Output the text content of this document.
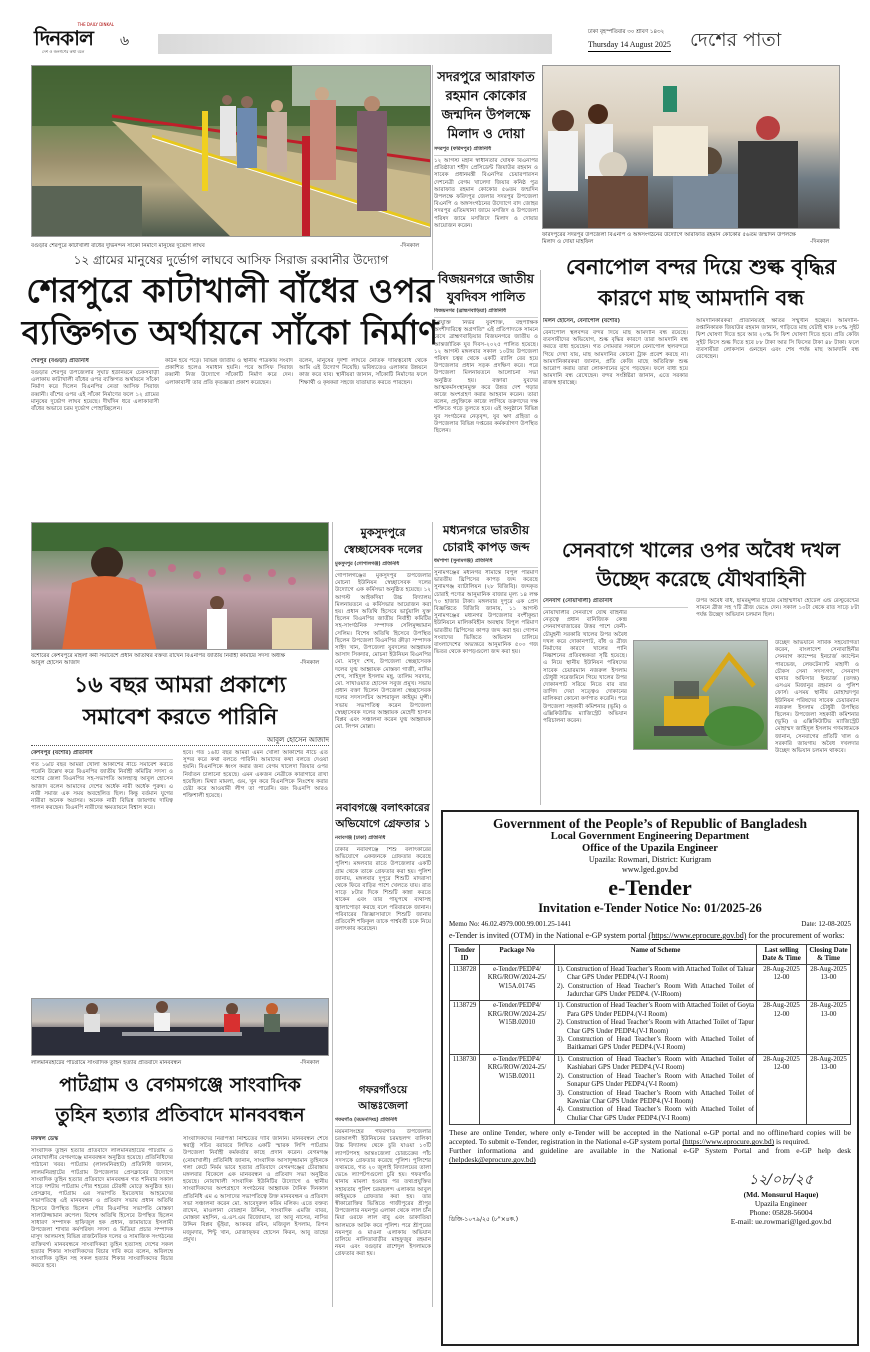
THE DAILY DINKAL
দিনকাল
দেশ ও জনগণের কথা বলে
৬
ঢাকা বৃহস্পতিবার ৩০ শ্রাবণ ১৪৩২
Thursday 14 August 2025 দেশের পাতা
বগুড়ার শেরপুরে কাটাখালী বাঁধের দুর্ভিনন্দন সাঁকো নির্মাণে মানুষের দুর্ভোগ লাঘব	-দিনকাল
১২ গ্রামের মানুষের দুর্ভোগ লাঘবে আসিফ সিরাজ রব্বানীর উদ্যোগ
শেরপুরে কাটাখালী বাঁধের ওপর
ব্যক্তিগত অর্থায়নে সাঁকো নির্মাণ
শেরপুর (বগুড়া) প্রতিনিধি
বগুড়ার শেরপুর উপজেলার সুঘাট ইউনিয়নে চেকসবাড়ী এলাকায় কাটাখালী বাঁধের ওপর ব্যক্তিগত অর্থায়নে সাঁকো নির্মাণ করে দিলেন বিএনপির নেতা আসিফ সিরাজ রব্বানী। বাঁশের ওপর এই সাঁকো নির্মাণের ফলে ১২ গ্রামের মানুষের দুর্ভোগ লাঘব হয়েছে। দীর্ঘদিন ধরে এলাকাবাসী বাঁধের অভাবে চরম দুর্ভোগ পোহাচ্ছিলেন।
কঠিন হয়ে পড়ে। বিভিন্ন জাতীয় ও স্থানীয় পত্রিকায় সংবাদ প্রকাশিত হলেও সমাধান হয়নি। পরে আসিফ সিরাজ রব্বানী নিজ উদ্যোগে সাঁকোটি নির্মাণ করে দেন। এলাকাবাসী তার প্রতি কৃতজ্ঞতা প্রকাশ করেছেন।
বলেন, মানুষের দুর্দশা লাঘবে নৈতিক দায়িত্ববোধ থেকে আমি এই উদ্যোগ নিয়েছি। ভবিষ্যতেও এলাকার উন্নয়নে কাজ করে যাব। স্থানীয়রা জানান, সাঁকোটি নির্মাণের ফলে শিক্ষার্থী ও কৃষকরা সহজে যাতায়াত করতে পারছেন।
সদরপুরে আরাফাত রহমান কোকোর জন্মদিন উপলক্ষে মিলাদ ও দোয়া
সদরপুর (ফরিদপুর) প্রতিনিধি
১২ আগস্ট মহান স্বাধীনতার ঘোষক বিএনপির প্রতিষ্ঠাতা শহীদ প্রেসিডেন্ট জিয়াউর রহমান ও সাবেক প্রধানমন্ত্রী বিএনপির চেয়ারপারসন দেশনেত্রী বেগম খালেদা জিয়ার কনিষ্ঠ পুত্র আরাফাত রহমান কোকোর ৫৬তম জন্মদিন উপলক্ষে ফরিদপুর জেলার সদরপুর উপজেলা বিএনপি ও অঙ্গসংগঠনের উদ্যোগে বাদ জোহর সদরপুর এতিমখানা জামে মসজিদ ও উপজেলা পরিষদ জামে মসজিদে মিলাদ ও দোয়ার আয়োজন করেন।
ফরিদপুরের সদরপুর উপজেলা বিএনপি ও অঙ্গসংগঠনের উদ্যোগে আরাফাত রহমান কোকোর ৫৬তম জন্মদিন উপলক্ষে মিলাদ ও দোয়া মাহফিল	-দিনকাল
বিজয়নগরে জাতীয় যুবদিবস পালিত
বিজয়নগর (ব্রাহ্মণবাড়িয়া) প্রতিনিধি
"প্রযুক্তি নির্ভর যুবশক্তি, বহুপাক্ষিক অংশীদারিত্বে অগ্রগতি" এই প্রতিপাদ্যকে সামনে রেখে ব্রাহ্মণবাড়িয়ার বিজয়নগরে জাতীয় ও আন্তর্জাতিক যুব দিবস-২০২৫ পালিত হয়েছে। ১২ আগস্ট মঙ্গলবার সকাল ১০টায় উপজেলা পরিষদ চত্বর থেকে একটি র‍্যালি বের হয়ে উপজেলার প্রধান সড়ক প্রদক্ষিণ করে। পরে উপজেলা মিলনায়তনে আলোচনা সভা অনুষ্ঠিত হয়। বক্তারা যুবদের আত্মকর্মসংস্থানমুক্ত করে উন্নত দেশ গড়ার কাজে অংশগ্রহণ করার আহবান করেন। তারা বলেন, প্রযুক্তিকে কাজে লাগিয়ে তরুণদের দক্ষ শক্তিতে গড়ে তুলতে হবে। এই অনুষ্ঠানে বিভিন্ন যুব সংগঠনের নেতৃবৃন্দ, যুব ঋণ গ্রহিতা ও উপজেলার বিভিন্ন দপ্তরের কর্মকর্তাগণ উপস্থিত ছিলেন।
বেনাপোল বন্দর দিয়ে শুল্ক বৃদ্ধির
কারণে মাছ আমদানি বন্ধ
মিলন হোসেন, বেনাপোল (যশোর)
বেনাপোল স্থলবন্দর বন্দর দিয়ে মাছ আমদানি বন্ধ রয়েছে। ব্যবসায়ীদের অভিযোগ, শুল্ক বৃদ্ধির কারণে তারা আমদানি বন্ধ করতে বাধ্য হয়েছেন। গত সোমবার সকালে বেনাপোল স্থলবন্দরে গিয়ে দেখা যায়, মাছ আমদানির কোনো ট্রাক প্রবেশ করছে না। আমদানিকারকরা জানান, প্রতি কেজি মাছে অতিরিক্ত শুল্ক আরোপ করায় তারা লোকসানের মুখে পড়ছেন। ফলে বাধ্য হয়ে আমদানি বন্ধ রেখেছেন। বন্দর সংশ্লিষ্টরা জানান, এতে সরকার রাজস্ব হারাচ্ছে।
আমদানিকারকরা প্রতিনিয়তই ক্ষতির সম্মুখীন হচ্ছেন। আমদানি-রপ্তানিকারক জিয়াউর রহমান জানান, গাড়িতে মাছ যেটাই থাক ৮০% সুইট ফিশ ঘোষণা দিতে হবে আর ২০% সি ফিশ ঘোষণা দিতে হবে। প্রতি কেজি সুইট ফিসে শুল্ক দিতে হবে ৮৮ টাকা আর সি ফিসের টাকা ৪৮ টাকা। ফলে ব্যবসায়ীরা লোকসান গুনছেন এবং শেষ পর্যন্ত মাছ আমদানি বন্ধ রেখেছেন।
যশোরের কেশবপুরে মহিলা কর্মী সমাবেশে প্রধান অতিথির বক্তব্য রাখেন বিএনপির জাতীয় নির্বাহী কমিটির সদস্য অধ্যক্ষ আবুল হোসেন আজাদ	-দিনকাল
১৬ বছর আমরা প্রকাশ্যে
সমাবেশ করতে পারিনি
আবুল হোসেন আজাদ
কেশবপুর (যশোর) প্রতিনিধি
গত ১৬টি বছর আমরা খোলা আকাশের নীচে সমাবেশ করতে পরেনি উল্লেখ করে বিএনপির জাতীয় নির্বাহী কমিটির সদস্য ও যশোর জেলা বিএনপির সহ-সভাপতি আলহাজ্ব আবুল হোসেন আজাদ বলেন আমাদের দেশের অর্ধেক নারী অর্ধেক পুরুষ। এ নারী সমাজ এক সময় অবহেলিত ছিল। কিন্তু বর্তমান যুগের নারীরা অনেক অগ্রসর। অনেক নারী বিভিন্ন জায়গায় দায়িত্ব পালন করছেন। বিএনপি নারীদের ক্ষমতায়নে বিশ্বাস করে।
হবে। গত ১৬টি বছর আমরা এমন খোলা আকাশের নীচে এত সুন্দর করে কথা বলতে পারিনি। আমাদের কথা বলতে দেওয়া হয়নি। বিএনপিকে ধ্বংস করার জন্য বেগম খালেদা জিয়ার ওপর নির্যাতন চালানো হয়েছে। এমন একজন নেত্রীকে কারাগারে রাখা হয়েছিল। মিথ্যা মামলা, গুম, খুন করে বিএনপিকে নিঃশেষ করার চেষ্টা করে আওয়ামী লীগ তা পারেনি। বরং বিএনপি আরও শক্তিশালী হয়েছে।
মুকসুদপুরে স্বেচ্ছাসেবক দলের
মুকসুদপুর (গোপালগঞ্জ) প্রতিনিধি
গোপালগঞ্জের মুকসুদপুর উপজেলার মোচনা ইউনিয়ন স্বেচ্ছাসেবক দলের উদ্যোগে এক কর্মিসভা অনুষ্ঠিত হয়েছে। ১২ আগস্ট আইকদিয়া উচ্চ বিদ্যালয় মিলনায়তনে এ কর্মিসভার আয়োজন করা হয়। প্রধান অতিথি হিসেবে ভার্চুয়ালি যুক্ত ছিলেন বিএনপির জাতীয় নির্বাহী কমিটির সহ-সাংগঠনিক সম্পাদক সেলিমুজ্জামান সেলিম। বিশেষ অতিথি হিসেবে উপস্থিত ছিলেন উপজেলা বিএনপির ক্রীড়া সম্পাদক সাইদ খান, উপজেলা যুবদলের আহ্বায়ক আসাদ সিকদার, মোচনা ইউনিয়ন বিএনপির মো. মাসুদ শেখ, উপজেলা স্বেচ্ছাসেবক দলের যুগ্ম আহ্বায়ক মোস্তফা গাজী, নাদিম শেখ, সাহিদুল ইসলাম মন্নু, তালিম সরদার, মো. সাখাওয়াত হোসেন সবুজ প্রমুখ। সভায় প্রধান বক্তা ছিলেন উপজেলা স্বেচ্ছাসেবক দলের সদস্যসচিব আশরাফুল কাইয়ুম মুন্সী। সভায় সভাপতিত্ব করেন উপজেলা স্বেচ্ছাসেবক দলের আহ্বায়ক মেহেদী হাসান বিপ্লব এবং সঞ্চালনা করেন যুগ্ম আহ্বায়ক মো. লিপন মোল্লা।
নবাবগঞ্জে বলাৎকারের অভিযোগে গ্রেফতার ১
নবাবগঞ্জ (ঢাকা) প্রতিনিধি
ঢাকার নবাবগঞ্জে শিশু বলাৎকারের অভিযোগে একজনকে গ্রেফতার করেছে পুলিশ। মঙ্গলবার রাতে উপজেলার একটি গ্রাম থেকে তাকে গ্রেফতার করা হয়। পুলিশ জানায়, মঙ্গলবার দুপুরে শিশুটি মাদরাসা থেকে ফিরে বাড়ির পাশে খেলতে যায়। রাত সাড়ে ৮টার দিকে শিশুটি কান্না করতে থাকেন এবং তার পায়ুপথে ব্যথাসহ জ্বালাপোড়া করছে বলে পরিবারকে জানান। পরিবারের জিজ্ঞাসাবাদে শিশুটি জানায় প্রতিবেশি শফিকুল তাকে পার্শ্ববর্তী চকে নিয়ে বলাৎকার করেছেন।
মধ্যনগরে ভারতীয় চোরাই কাপড় জব্দ
ধর্মপাশা (সুনামগঞ্জ) প্রতিনিধি
সুনামগঞ্জের মধ্যনগর সীমান্তে বিপুল পরিমাণ ভারতীয় থ্রিপিসের কাপড় জব্দ করেছে সুনামগঞ্জ ব্যাটালিয়ন (২৮ বিজিবি)। জব্দকৃত চোরাই পণ্যের আনুমানিক বাজার মূল্য ১৪ লক্ষ ৭০ হাজার টাকা। মঙ্গলবার দুপুরে এক প্রেস বিজ্ঞপ্তিতে বিজিবি জানায়, ১১ আগস্ট সুনামগঞ্জের মধ্যনগর উপজেলার বংশীকুন্ডা ইউনিয়নে মালিকবিহীন অবস্থায় বিপুল পরিমাণ ভারতীয় থ্রিপিসের কাপড় জব্দ করা হয়। গোপন সংবাদের ভিত্তিতে অভিযান চালিয়ে বাংলাদেশের অভ্যন্তরে আনুমানিক ৫০০ গজ ভিতর থেকে কাপড়গুলো জব্দ করা হয়।
সেনবাগে খালের ওপর অবৈধ দখল
উচ্ছেদ করেছে যৌথবাহিনী
সেনবাগ (নোয়াখালী) প্রতিনিধি
নোয়াখালীর সেনবাগে যৌথ বাহিনীর নেতৃত্বে প্রধান বানিজ্যিক কেন্দ্র সেনবাগবাজারের উত্তর পাশে ফেনী-চৌমুহনী সরকারি খালের উপর অবৈধ দখল করে দোকানপাট, বাঁধ ও ব্রীজ নির্মাণের কারণে খালের পানি নিষ্কাশনের প্রতিবন্ধকতা সৃষ্টি হয়েছে। এ নিয়ে স্থানীয় ইউনিয়ন পরিষদের সাবেক চেয়ারম্যান নজরুল ইসলাম চৌধুরী সরেজমিনে গিয়ে খালের উপর দোকানপাট সরিয়ে নিতে বার বার তাগিদ দেয়া সত্ত্বেও দোকানের মালিকরা কোনো কর্ণপাত করেনি। পরে উপজেলা সহকারী কমিশনার (ভূমি) ও এক্সিকিউটিভ ম্যাজিস্ট্রেট অভিযান পরিচালনা করেন।
উপর অবৈধ বাঁধ, ছমিরমুন্সীর হাটের মোহাম্মদীয়া হোটেল এন্ড রেস্টুরেন্টের সামনে ব্রীজ সহ ৭টি ব্রীজ ভেঙে দেন। সকাল ১০টা থেকে রাত সাড়ে ৮টা পর্যন্ত উচ্ছেদ অভিযান চলমান ছিল।
উচ্ছেদ অভিযানে সার্বিক সহযোগিতা করেন, বাংলাদেশ সেনাবাহিনীর সেনবাগ ক্যাম্পের ইনচার্জ ক্যাপ্টেন পারভেজ, লেফটেন্যান্ট মাহাদী ও চৌকস সেনা সদস্যগণ, সেনবাগ থানার অফিসার ইনচার্জ (তদন্ত) এসএম মিজানুর রহমান ও পুলিশ ফোর্স। এসময় স্থানীয় মোহাম্মদপুর ইউনিয়ন পরিষদের সাবেক চেয়ারম্যান নজরুল ইসলাম চৌধুরী উপস্থিত ছিলেন। উপজেলা সহকারী কমিশনার (ভূমি) ও এক্সিকিউটিভ ম্যাজিস্ট্রেট মোহাম্মদ জাহিদুল ইসলাম গণমাধ্যমকে জানান, সেনবাগের প্রতিটি খাল ও সরকারি জায়গায় অবৈধ দখলদার উচ্ছেদ অভিযান চলমান থাকবে।
লালমনিরহাটের পাটগ্রামে সাংবাদিক তুহিন হত্যার প্রতিবাদে মানববন্ধন	-দিনকাল
পাটগ্রাম ও বেগমগঞ্জে সাংবাদিক
তুহিন হত্যার প্রতিবাদে মানববন্ধন
মফস্বল ডেস্ক
সাংবাদিক তুহিন হত্যার প্রতিবাদে লালমনিরহাটের পাটগ্রাম ও নোয়াখালীর বেগমগঞ্জে মানববন্ধন অনুষ্ঠিত হয়েছে। প্রতিনিধিদের পাঠানো খবর। পাটগ্রাম (লালমনিরহাট) প্রতিনিধি জানান, লালমনিরহাটের পাটগ্রাম উপজেলার প্রেসক্লাবের উদ্যোগে সাংবাদিক তুহিন হত্যার প্রতিবাদে মানববন্ধন গত শনিবার সকাল সাড়ে দশটায় পাটগ্রাম পৌর শহরের চৌরঙ্গী মোড়ে অনুষ্ঠিত হয়। প্রেসক্লাব, পাটগ্রাম এর সভাপতি ইমতেখার আহমেদের সভাপতিত্বে এই মানববন্ধন ও প্রতিবাদ সভায় প্রধান অতিথি হিসেবে উপস্থিত ছিলেন পৌর বিএনপির সভাপতি মোস্তফা সালাউজ্জামান রুপেল। বিশেষ অতিথি হিসেবে উপস্থিত ছিলেন সাধারণ সম্পাদক হাফিজুল হক প্রধান, জামায়াতে ইসলামী উপজেলা শাখার কর্মপরিষদ সদস্য ও মিডিয়া প্রচার সম্পাদক মাসুদ আলমসহ বিভিন্ন রাজনৈতিক দলের ও সামাজিক সংগঠনের ব্যক্তিবর্গ। মানববন্ধনে সাংবাদিকরা তুহিন হত্যাসহ দেশের সকল হত্যার শিকার সাংবাদিকদের বিচার দাবি করে বলেন, অবিলম্বে সাংবাদিক তুহিন সহ সকল হত্যার শিকার সাংবাদিকদের বিচার করতে হবে।
সাংবাদিকদের নিরাপত্তা নিশ্চিতের দাবি জানান। মানববন্ধন শেষে স্বরাষ্ট্র সচিব বরাবরে লিখিত একটি স্মারক লিপি পাটগ্রাম উপজেলা নির্বাহী কর্মকর্তার কাছে প্রদান করেন। বেগমগঞ্জ (নোয়াখালী) প্রতিনিধি জানান, সাংবাদিক আসাদুজ্জামান তুহিনকে গলা কেটে নির্মম ভাবে হত্যার প্রতিবাদে বেগমগঞ্জের চৌরাস্তায় মঙ্গলবার বিকেলে এক মানববন্ধন ও প্রতিবাদ সভা অনুষ্ঠিত হয়েছে। নোয়াখালী সাংবাদিক ইউনিটির উদ্যোগে ও স্থানীয় সাংবাদিকদের অংশগ্রহণে সংগঠনের আহ্বায়ক দৈনিক দিনকাল প্রতিনিধি এম এ আসাদের সভাপতিত্বে উক্ত মানববন্ধন ও প্রতিবাদ সভা সঞ্চালনা করেন মো. আবেদুরুল করিম মলিক। এতে বক্তব্য রাখেন, মাওলানা বোরহান উদ্দিন, সাংবাদিক এমজি বাবর, মোস্তফা মহসিন, এ.এস.এম রিজোয়ান, তা আবু নাসের, নাসির উদ্দিন বিপ্লব ভূঁইয়া, আকবর রবিন, মজিবুল ইসলাম, রিপন মজুমদার, শিন্টু খান, মোজাফ্ফর হোসেন কিরন, আবু তাহের প্রমুখ।
গফরগাঁওয়ে আন্তঃজেলা
গফরগাঁও (ময়মনসিংহ) প্রতিনিধি
ময়মনসিংহের গফরগাঁও উপজেলার চরআলগী ইউনিয়নের চরমছলন্দ বালিকা উচ্চ বিদ্যালয় থেকে চুরি যাওয়া ১৩টি ল্যাপটপসহ আন্তঃজেলা চোরচক্রের পাঁচ সদস্যকে গ্রেফতার করেছে পুলিশ। পুলিশের তথ্যমতে, গত ২০ জুলাই বিদ্যালয়ের তালা ভেঙে ল্যাপটপগুলো চুরি হয়। গফরগাঁও থানায় মামলা হওয়ার পর তথ্যপ্রযুক্তির সহায়তায় পুলিশ চরমছলন্দ এলাকার আবুল কাইয়ুমকে গ্রেফতার করা হয়। তার স্বীকারোক্তির ভিত্তিতে গাজীপুরের শ্রীপুর উপজেলার নয়নপুর এলাকা থেকে লাল চাঁন মিয়া ওরফে লাল বাবু এবং ডাকাতিয়া আলমকে আটক করে পুলিশ। পরে শ্রীপুরের নয়নপুর ও মাওনা এলাকায় অভিযান চালিয়ে নালিতাবাড়ীর মাহফুজুর রহমান নয়ন এবং বগুড়ার রাশেদুল ইসলামকে গ্রেফতার করা হয়।
Government of the People’s of Republic of Bangladesh
Local Government Engineering Department
Office of the Upazila Engineer
Upazila: Rowmari, District: Kurigram
www.lged.gov.bd
e-Tender
Invitation e-Tender Notice No: 01/2025-26
Memo No: 46.02.4979.000.99.001.25-1441	Date: 12-08-2025
e-Tender is invited (OTM) in the National e-GP system portal (https://www.eprocure.gov.bd) for the procurement of works:
Tender ID	Package No	Name of Scheme	Last selling Date & Time	Closing Date & Time
1138728	e-Tender/PEDP4/ KRG/ROW/2024-25/ W15A.01745	1). Construction of Head Teacher’s Room with Attached Toilet of Taluar Char GPS Under PEDP4.(V-I Room)
2). Construction of Head Teacher’s Room With Attached Toilet of Jadurchar GPS Under PEDP4. (V-IRoom)	28-Aug-2025 12-00	28-Aug-2025 13-00
1138729	e-Tender/PEDP4/ KRG/ROW/2024-25/ W15B.02010	1). Construction of Head Teacher’s Room with Attached Toilet of Goyta Para GPS Under PEDP4.(V-I Room)
2). Construction of Head Teacher’s Room with Attached Toilet of Tapur Char GPS Under PEDP4.(V-I Room)
3). Construction of Head Teacher’s Room with Attached Toilet of Baitkamari GPS Under PEDP4.(V-I Room)	28-Aug-2025 12-00	28-Aug-2025 13-00
1138730	e-Tender/PEDP4/ KRG/ROW/2024-25/ W15B.02011	1). Construction of Head Teacher’s Room with Attached Toilet of Kashiabari GPS Under PEDP4.(V-I Room)
2). Construction of Head Teacher’s Room with Attached Toilet of Sonapur GPS Under PEDP4.(V-I Room)
3). Construction of Head Teacher’s Room with Attached Toilet of Kawniar Char GPS Under PEDP4.(V-I Room)
4). Construction of Head Teacher’s Room with Attached Toilet of Chuliar Char GPS Under PEDP4.(V-I Room)	28-Aug-2025 12-00	28-Aug-2025 13-00
These are online Tender, where only e-Tender will be accepted in the National e-GP portal and no offline/hard copies will be accepted. To submit e-Tender, registration in the National e-GP system portal (https://www.eprocure.gov.bd) is required.
Further informationa and guideline are available in the National e-GP System Portal and from e-GP help desk (helpdesk@eprocure.gov.bd)
ডিজি-১০৭৯/২৫ (৮"×৪ক.)
১২/০৮/২৫
(Md. Monsurul Haque)
Upazila Engineer
Phone: 05828-56004
E-mail: ue.rowmari@lged.gov.bd
